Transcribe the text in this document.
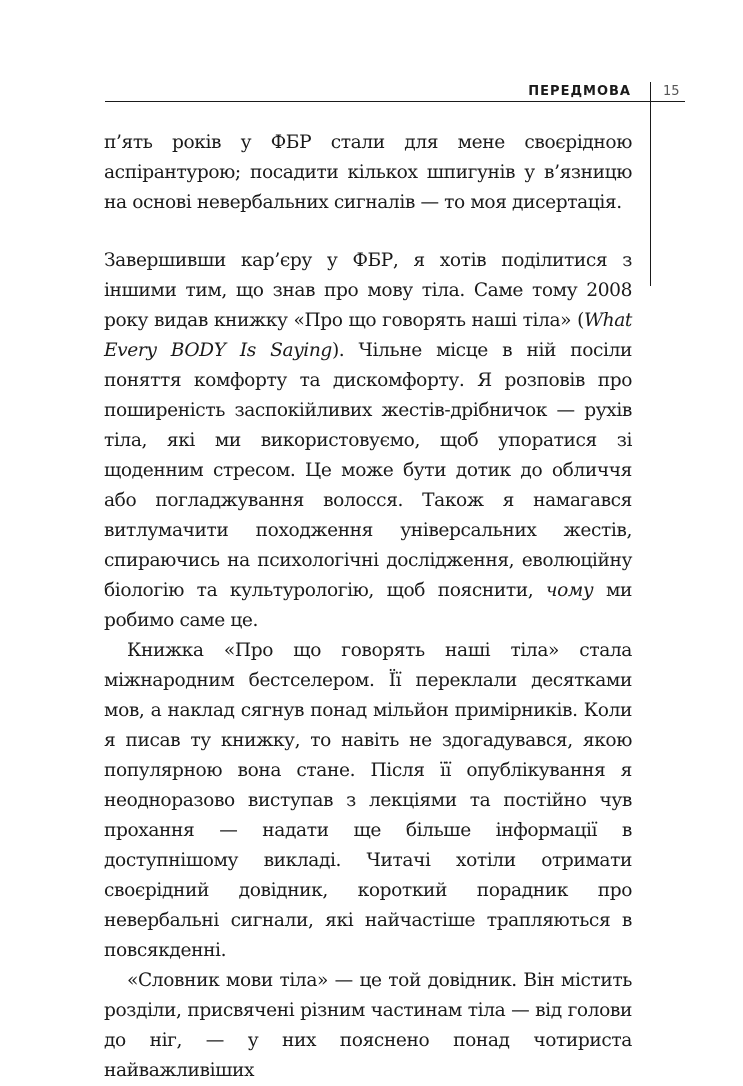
ПЕРЕДМОВА 15

п’ять років у ФБР стали для мене своєрідною аспірантурою; посадити кількох шпигунів у в’язницю на основі невербальних сигналів — то моя дисертація.

Завершивши кар’єру у ФБР, я хотів поділитися з іншими тим, що знав про мову тіла. Саме тому 2008 року видав книжку «Про що говорять наші тіла» (What Every BODY Is Saying). Чільне місце в ній посіли поняття комфорту та дискомфорту. Я розповів про поширеність заспокійливих жестів-дрібничок — рухів тіла, які ми використовуємо, щоб упоратися зі щоденним стресом. Це може бути дотик до обличчя або погладжування волосся. Також я намагався витлумачити походження універсальних жестів, спираючись на психологічні дослідження, еволюційну біологію та культурологію, щоб пояснити, чому ми робимо саме це.

Книжка «Про що говорять наші тіла» стала міжнародним бестселером. Її переклали десятками мов, а наклад сягнув понад мільйон примірників. Коли я писав ту книжку, то навіть не здогадувався, якою популярною вона стане. Після її опублікування я неодноразово виступав з лекціями та постійно чув прохання — надати ще більше інформації в доступнішому викладі. Читачі хотіли отримати своєрідний довідник, короткий порадник про невербальні сигнали, які найчастіше трапляються в повсякденні.

«Словник мови тіла» — це той довідник. Він містить розділи, присвячені різним частинам тіла — від голови до ніг, — у них пояснено понад чотириста найважливіших
